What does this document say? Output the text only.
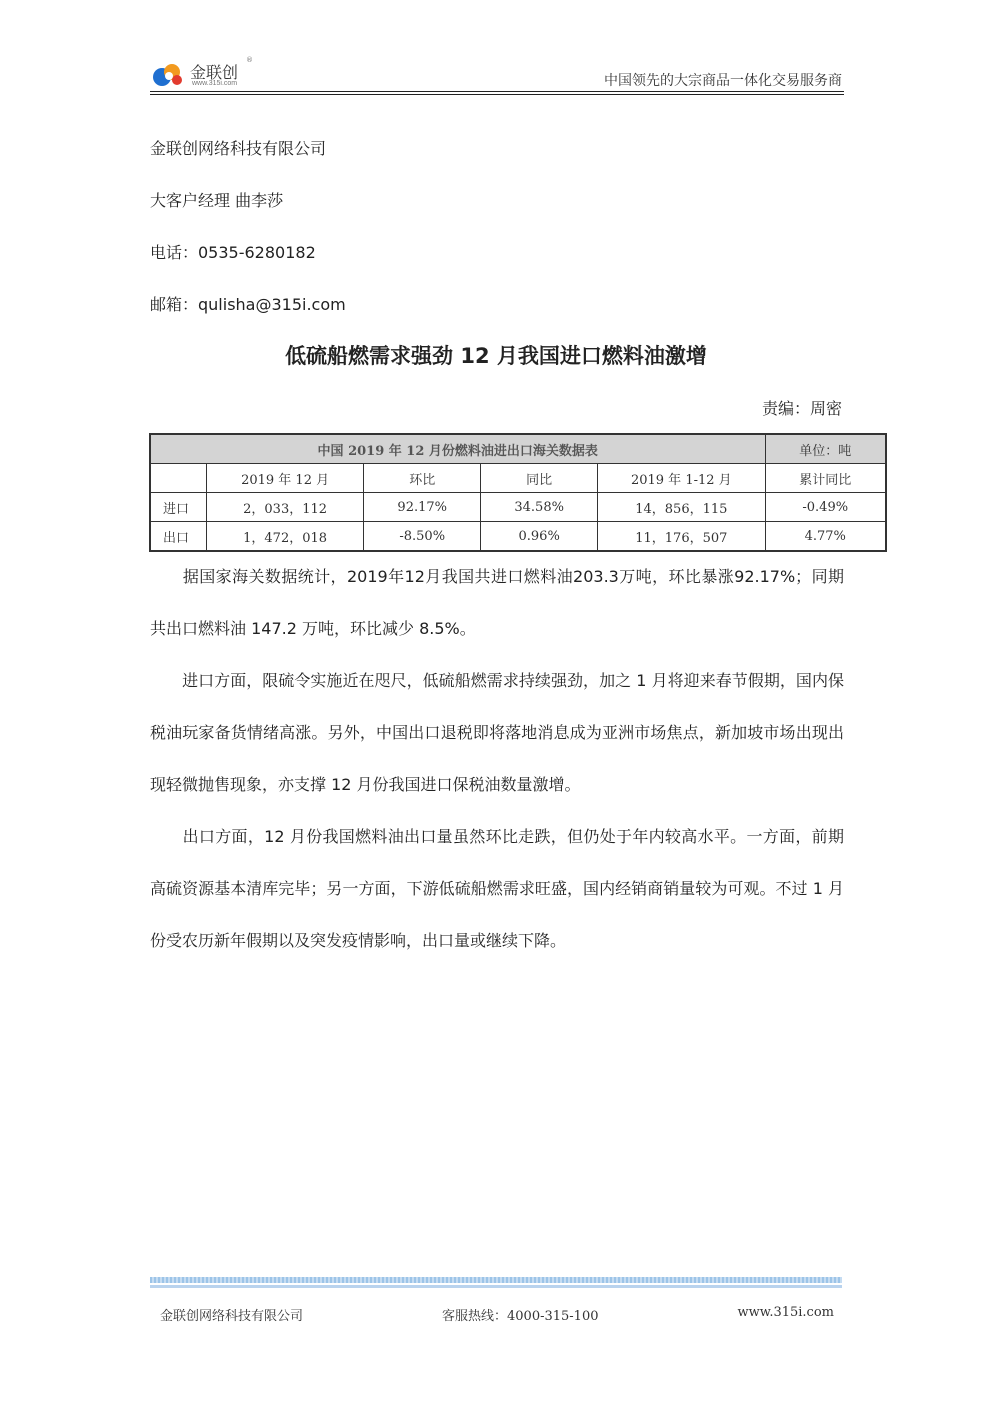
金联创
®
www.315i.com	中国领先的大宗商品一体化交易服务商
金联创网络科技有限公司
大客户经理 曲李莎
电话：0535-6280182
邮箱：qulisha@315i.com
低硫船燃需求强劲 12 月我国进口燃料油激增
责编：周密
中国 2019 年 12 月份燃料油进出口海关数据表					单位：吨
	2019 年 12 月	环比	同比	2019 年 1-12 月	累计同比
进口	2，033，112	92.17%	34.58%	14，856，115	-0.49%
出口	1，472，018	-8.50%	0.96%	11，176，507	4.77%

　　据国家海关数据统计，2019年12月我国共进口燃料油203.3万吨，环比暴涨92.17%；同期共出口燃料油 147.2 万吨，环比减少 8.5%。

　　进口方面，限硫令实施近在咫尺，低硫船燃需求持续强劲，加之 1 月将迎来春节假期，国内保税油玩家备货情绪高涨。另外，中国出口退税即将落地消息成为亚洲市场焦点，新加坡市场出现出现轻微抛售现象，亦支撑 12 月份我国进口保税油数量激增。

　　出口方面，12 月份我国燃料油出口量虽然环比走跌，但仍处于年内较高水平。一方面，前期高硫资源基本清库完毕；另一方面，下游低硫船燃需求旺盛，国内经销商销量较为可观。不过 1 月份受农历新年假期以及突发疫情影响，出口量或继续下降。

金联创网络科技有限公司	客服热线：4000-315-100	www.315i.com
